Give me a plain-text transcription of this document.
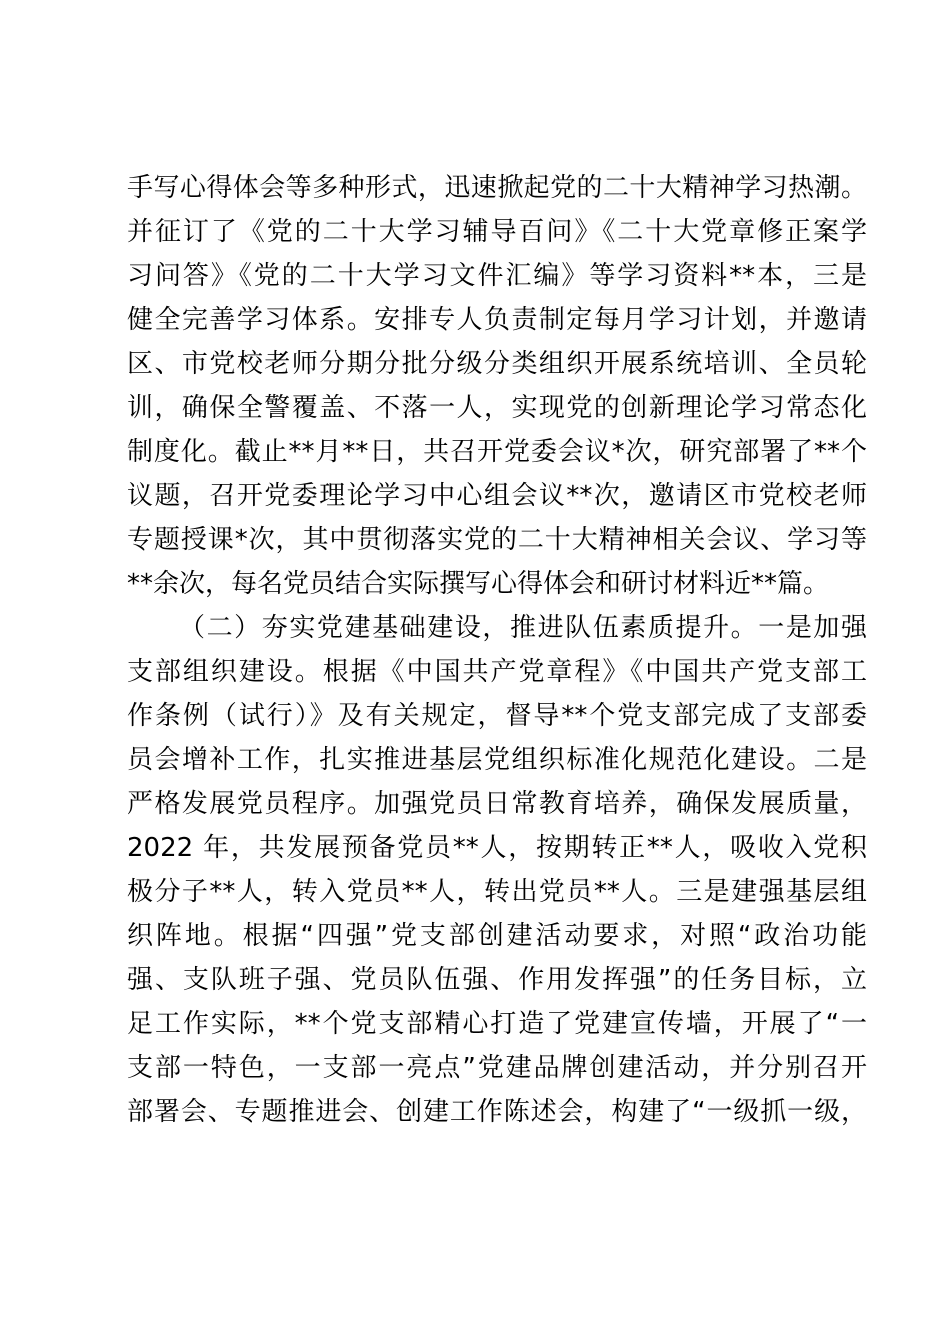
手写心得体会等多种形式，迅速掀起党的二十大精神学习热潮。
并征订了《党的二十大学习辅导百问》《二十大党章修正案学
习问答》《党的二十大学习文件汇编》等学习资料**本，三是
健全完善学习体系。安排专人负责制定每月学习计划，并邀请
区、市党校老师分期分批分级分类组织开展系统培训、全员轮
训，确保全警覆盖、不落一人，实现党的创新理论学习常态化
制度化。截止**月**日，共召开党委会议*次，研究部署了**个
议题，召开党委理论学习中心组会议**次，邀请区市党校老师
专题授课*次，其中贯彻落实党的二十大精神相关会议、学习等
**余次，每名党员结合实际撰写心得体会和研讨材料近**篇。
（二）夯实党建基础建设，推进队伍素质提升。一是加强
支部组织建设。根据《中国共产党章程》《中国共产党支部工
作条例（试行）》及有关规定，督导**个党支部完成了支部委
员会增补工作，扎实推进基层党组织标准化规范化建设。二是
严格发展党员程序。加强党员日常教育培养，确保发展质量，
2022 年，共发展预备党员**人，按期转正**人，吸收入党积
极分子**人，转入党员**人，转出党员**人。三是建强基层组
织阵地。根据“四强”党支部创建活动要求，对照“政治功能
强、支队班子强、党员队伍强、作用发挥强”的任务目标，立
足工作实际，**个党支部精心打造了党建宣传墙，开展了“一
支部一特色，一支部一亮点”党建品牌创建活动，并分别召开
部署会、专题推进会、创建工作陈述会，构建了“一级抓一级，
